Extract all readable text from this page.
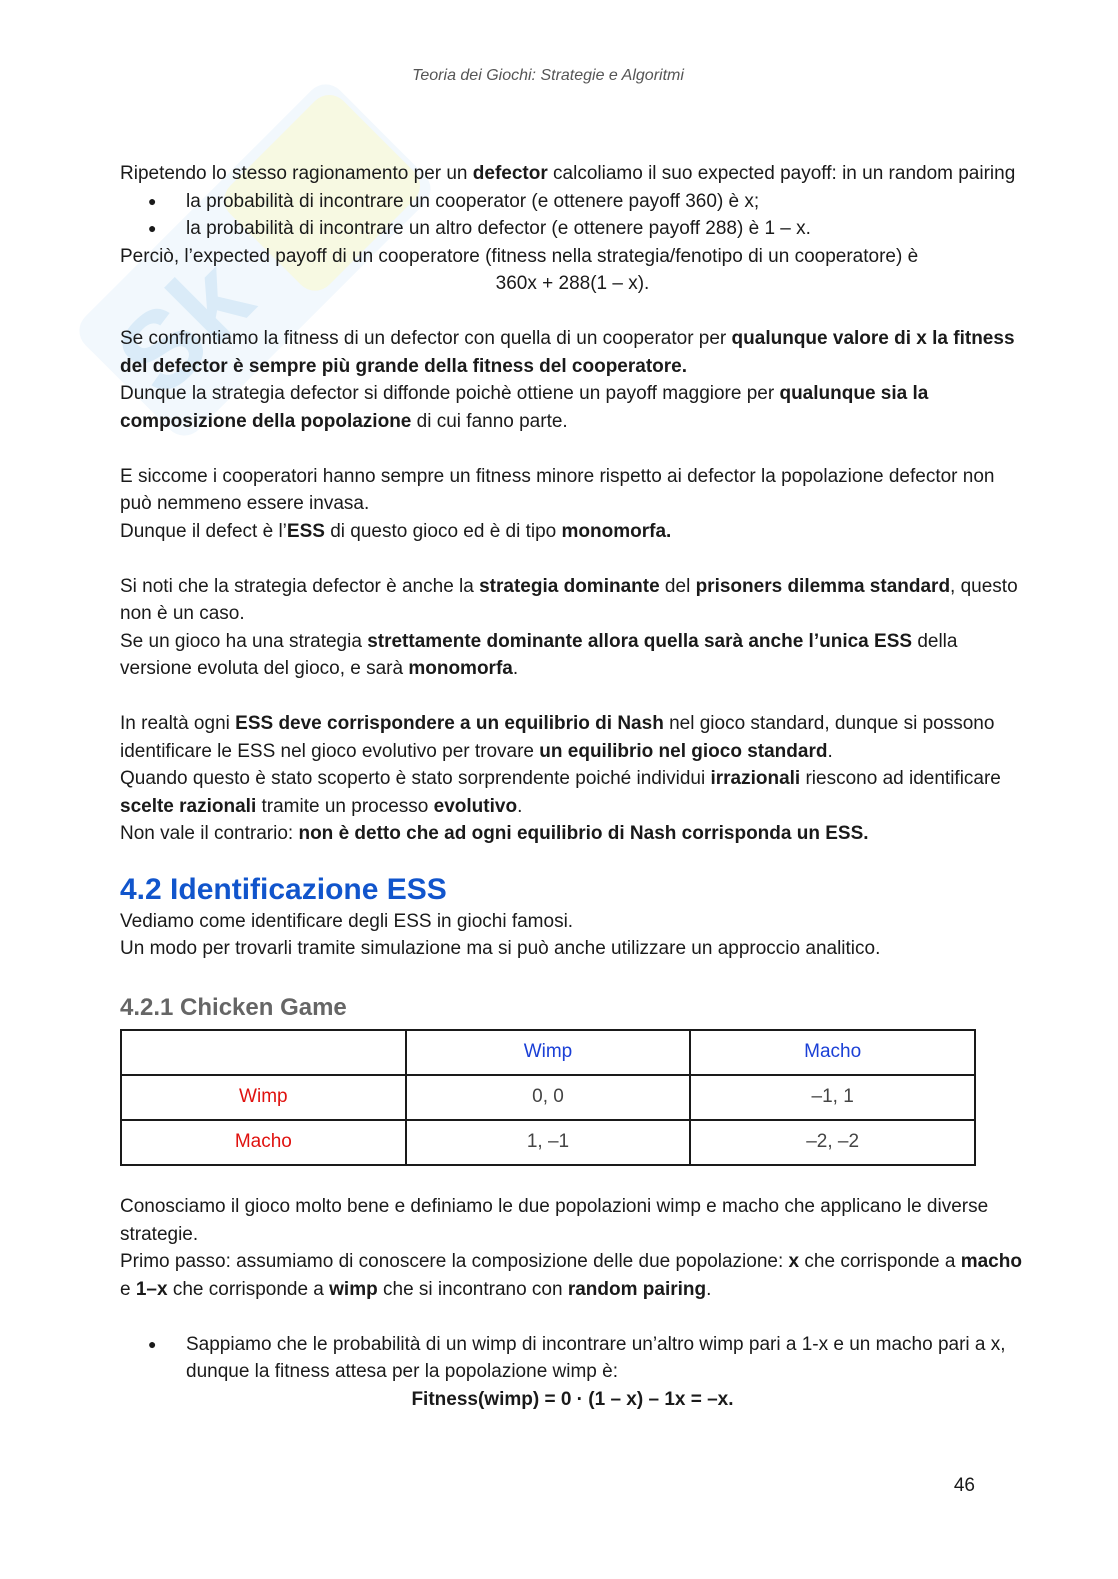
Sk
Teoria dei Giochi: Strategie e Algoritmi

Ripetendo lo stesso ragionamento per un defector calcoliamo il suo expected payoff: in un random pairing

● la probabilità di incontrare un cooperator (e ottenere payoff 360) è x;
● la probabilità di incontrare un altro defector (e ottenere payoff 288) è 1 – x.

Perciò, l’expected payoff di un cooperatore (fitness nella strategia/fenotipo di un cooperatore) è

360x + 288(1 – x).

Se confrontiamo la fitness di un defector con quella di un cooperator per qualunque valore di x la fitness del defector è sempre più grande della fitness del cooperatore.

Dunque la strategia defector si diffonde poichè ottiene un payoff maggiore per qualunque sia la composizione della popolazione di cui fanno parte.

E siccome i cooperatori hanno sempre un fitness minore rispetto ai defector la popolazione defector non può nemmeno essere invasa.

Dunque il defect è l’ESS di questo gioco ed è di tipo monomorfa.

Si noti che la strategia defector è anche la strategia dominante del prisoners dilemma standard, questo non è un caso.

Se un gioco ha una strategia strettamente dominante allora quella sarà anche l’unica ESS della versione evoluta del gioco, e sarà monomorfa.

In realtà ogni ESS deve corrispondere a un equilibrio di Nash nel gioco standard, dunque si possono identificare le ESS nel gioco evolutivo per trovare un equilibrio nel gioco standard.

Quando questo è stato scoperto è stato sorprendente poiché individui irrazionali riescono ad identificare scelte razionali tramite un processo evolutivo.

Non vale il contrario: non è detto che ad ogni equilibrio di Nash corrisponda un ESS.

4.2 Identificazione ESS

Vediamo come identificare degli ESS in giochi famosi.

Un modo per trovarli tramite simulazione ma si può anche utilizzare un approccio analitico.

4.2.1 Chicken Game
	Wimp	Macho
Wimp	0, 0	–1, 1
Macho	1, –1	–2, –2

Conosciamo il gioco molto bene e definiamo le due popolazioni wimp e macho che applicano le diverse strategie.

Primo passo: assumiamo di conoscere la composizione delle due popolazione: x che corrisponde a macho e 1–x che corrisponde a wimp che si incontrano con random pairing.

● Sappiamo che le probabilità di un wimp di incontrare un’altro wimp pari a 1-x e un macho pari a x, dunque la fitness attesa per la popolazione wimp è:

Fitness(wimp) = 0 · (1 – x) – 1x = –x.

46
